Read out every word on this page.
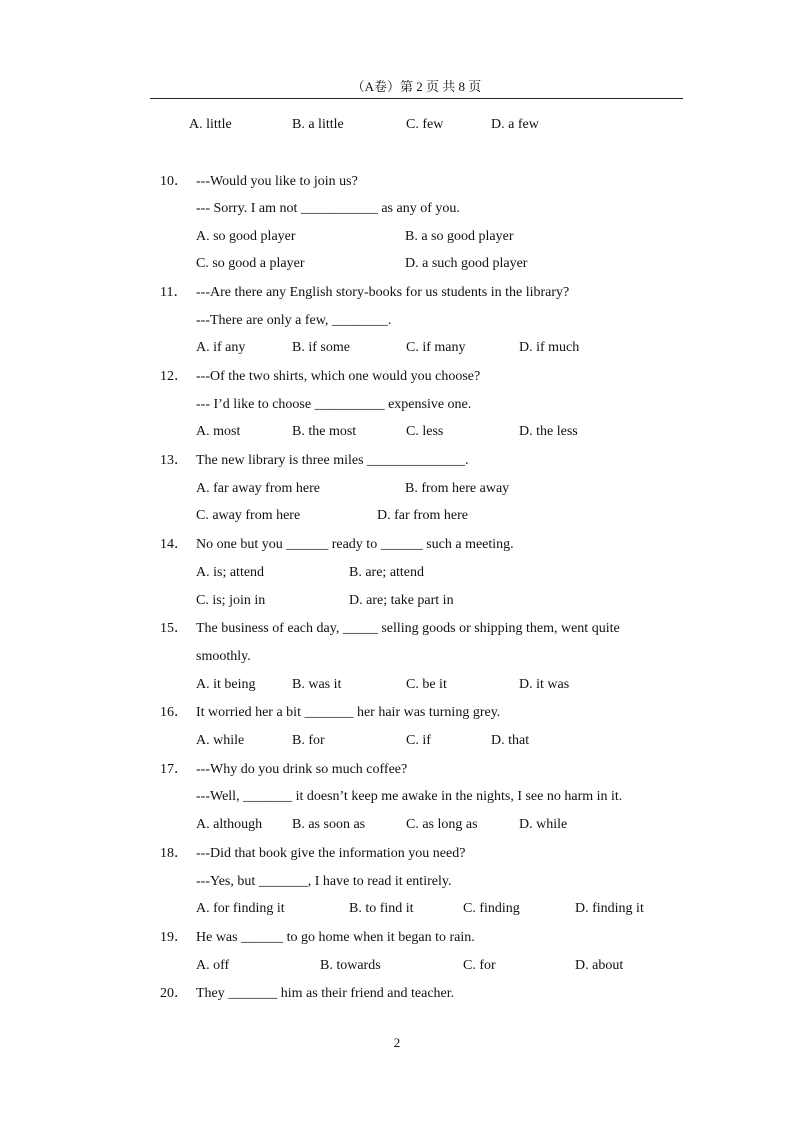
（A卷）第 2 页 共 8 页
A. little	B. a little	C. few	D. a few
10． ---Would you like to join us?
--- Sorry. I am not ___________ as any of you.
A. so good player	B. a so good player
C. so good a player	D. a such good player
11． ---Are there any English story-books for us students in the library?
---There are only a few, ________.
A. if any	B. if some	C. if many	D. if much
12． ---Of the two shirts, which one would you choose?
--- I’d like to choose __________ expensive one.
A. most	B. the most	C. less	D. the less
13． The new library is three miles ______________.
A. far away from here	B. from here away
C. away from here	D. far from here
14． No one but you ______ ready to ______ such a meeting.
A. is; attend	B. are; attend
C. is; join in	D. are; take part in
15． The business of each day, _____ selling goods or shipping them, went quite
smoothly.
A. it being	B. was it	C. be it	D. it was
16． It worried her a bit _______ her hair was turning grey.
A. while	B. for	C. if	D. that
17． ---Why do you drink so much coffee?
---Well, _______ it doesn’t keep me awake in the nights, I see no harm in it.
A. although B. as soon as	C. as long as	D. while
18． ---Did that book give the information you need?
---Yes, but _______, I have to read it entirely.
A. for finding it	B. to find it	C. finding	D. finding it
19． He was ______ to go home when it began to rain.
A. off	B. towards	C. for	D. about
20． They _______ him as their friend and teacher.
2
